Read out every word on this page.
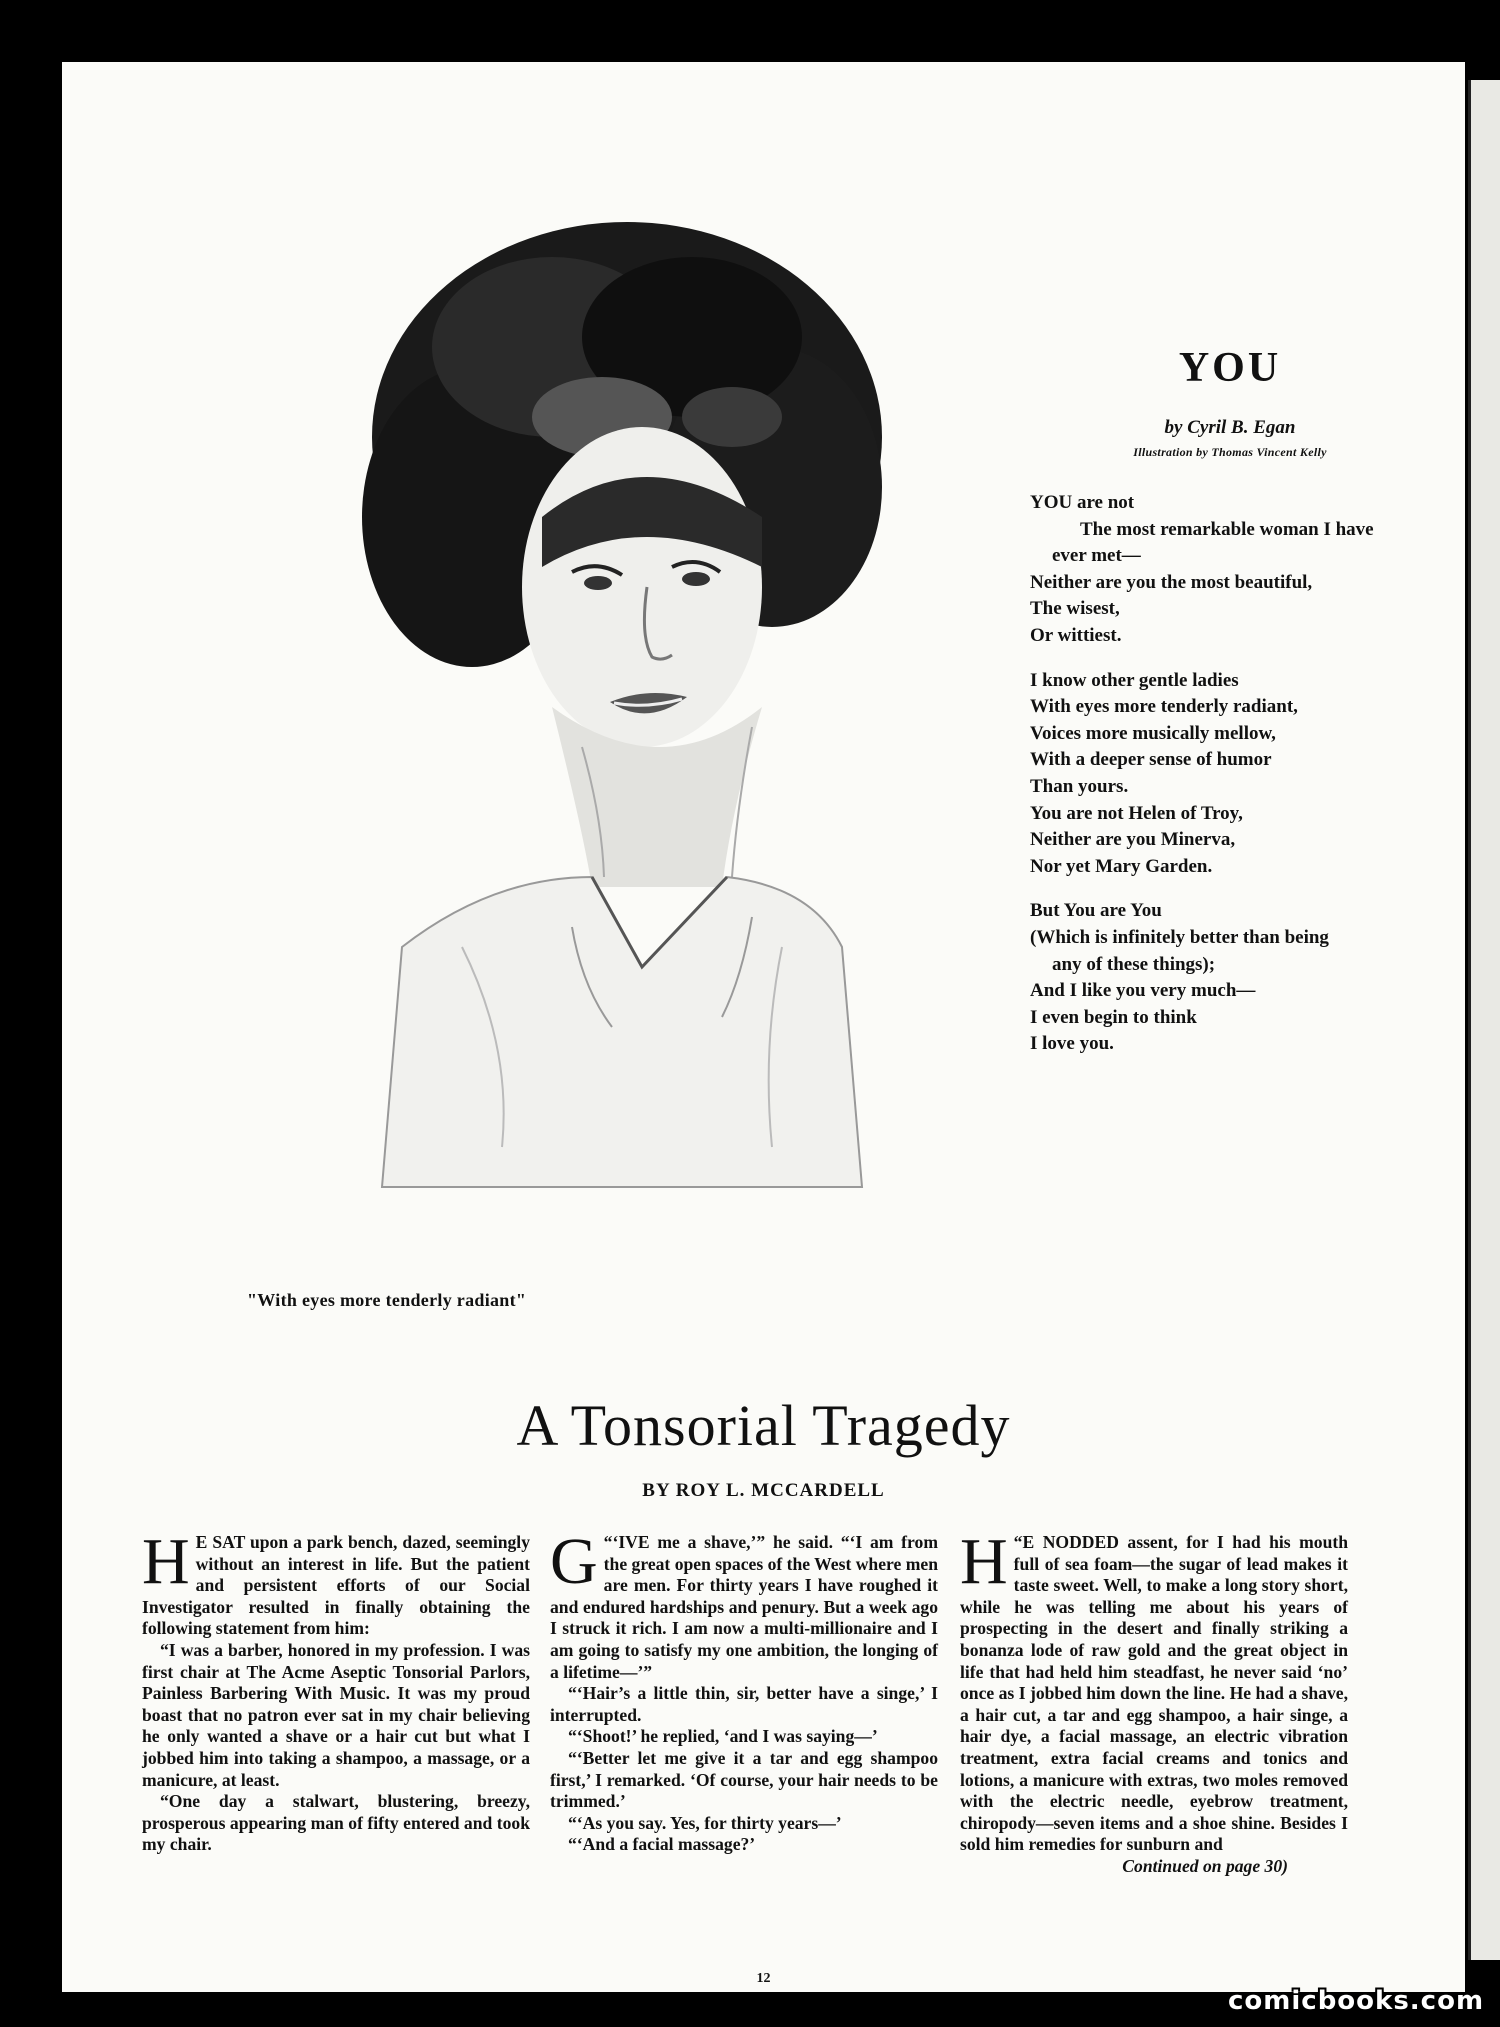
"With eyes more tenderly radiant"
YOU
by Cyril B. Egan
Illustration by Thomas Vincent Kelly
YOU are not
The most remarkable woman I have
ever met—
Neither are you the most beautiful,
The wisest,
Or wittiest.
I know other gentle ladies
With eyes more tenderly radiant,
Voices more musically mellow,
With a deeper sense of humor
Than yours.
You are not Helen of Troy,
Neither are you Minerva,
Nor yet Mary Garden.
But You are You
(Which is infinitely better than being
any of these things);
And I like you very much—
I even begin to think
I love you.
A Tonsorial Tragedy
BY ROY L. MCCARDELL

H E SAT upon a park bench, dazed, seemingly without an interest in life. But the patient and persistent efforts of our Social Investigator resulted in finally obtaining the following statement from him:

“I was a barber, honored in my profession. I was first chair at The Acme Aseptic Tonsorial Parlors, Painless Barbering With Music. It was my proud boast that no patron ever sat in my chair believing he only wanted a shave or a hair cut but what I jobbed him into taking a shampoo, a massage, or a manicure, at least.

“One day a stalwart, blustering, breezy, prosperous appearing man of fifty entered and took my chair.

“‘
G IVE me a shave,’” he said. “‘I am from the great open spaces of the West where men are men. For thirty years I have roughed it and endured hardships and penury. But a week ago I struck it rich. I am now a multi-millionaire and I am going to satisfy my one ambition, the longing of a lifetime—’”

“‘Hair’s a little thin, sir, better have a singe,’ I interrupted.

“‘Shoot!’ he replied, ‘and I was saying—’

“‘Better let me give it a tar and egg shampoo first,’ I remarked. ‘Of course, your hair needs to be trimmed.’

“‘As you say. Yes, for thirty years—’

“‘And a facial massage?’

“
H E NODDED assent, for I had his mouth full of sea foam—the sugar of lead makes it taste sweet. Well, to make a long story short, while he was telling me about his years of prospecting in the desert and finally striking a bonanza lode of raw gold and the great object in life that had held him steadfast, he never said ‘no’ once as I jobbed him down the line. He had a shave, a hair cut, a tar and egg shampoo, a hair singe, a hair dye, a facial massage, an electric vibration treatment, extra facial creams and tonics and lotions, a manicure with extras, two moles removed with the electric needle, eyebrow treatment, chiropody—seven items and a shoe shine. Besides I sold him remedies for sunburn and

Continued on page 30)

12
comicbooks.com
